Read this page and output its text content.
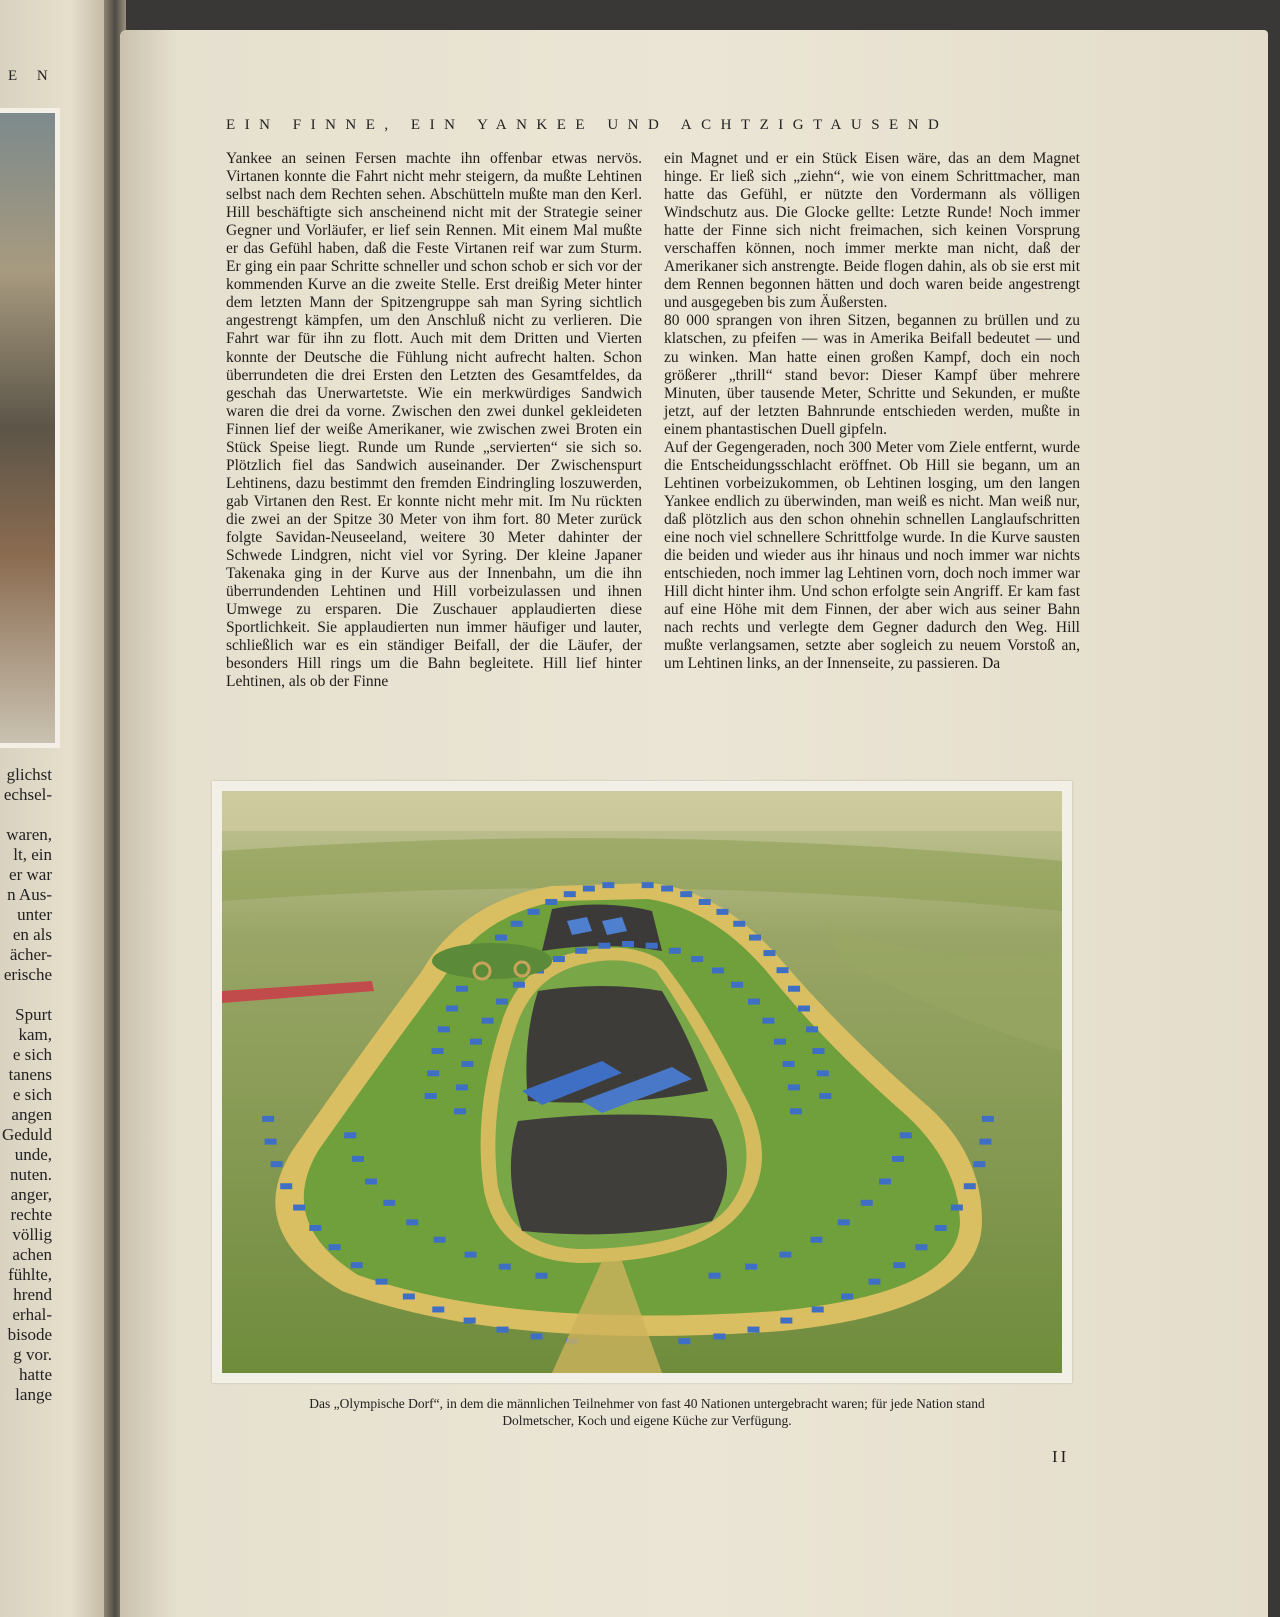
E N
glichst
echsel-
waren,
lt, ein
er war
n Aus-
unter
en als
ächer-
erische
Spurt
kam,
e sich
tanens
e sich
angen
Geduld
unde,
nuten.
anger,
rechte
völlig
achen
fühlte,
hrend
erhal-
bisode
g vor.
hatte
lange
EIN FINNE, EIN YANKEE UND ACHTZIGTAUSEND

Yankee an seinen Fersen machte ihn offenbar etwas nervös. Virtanen konnte die Fahrt nicht mehr steigern, da mußte Lehtinen selbst nach dem Rechten sehen. Abschütteln mußte man den Kerl. Hill beschäftigte sich anscheinend nicht mit der Strategie seiner Gegner und Vorläufer, er lief sein Rennen. Mit einem Mal mußte er das Gefühl haben, daß die Feste Virtanen reif war zum Sturm. Er ging ein paar Schritte schneller und schon schob er sich vor der kommenden Kurve an die zweite Stelle. Erst dreißig Meter hinter dem letzten Mann der Spitzengruppe sah man Syring sichtlich angestrengt kämpfen, um den Anschluß nicht zu verlieren. Die Fahrt war für ihn zu flott. Auch mit dem Dritten und Vierten konnte der Deutsche die Fühlung nicht aufrecht halten. Schon überrundeten die drei Ersten den Letzten des Gesamtfeldes, da geschah das Unerwartetste. Wie ein merkwürdiges Sandwich waren die drei da vorne. Zwischen den zwei dunkel gekleideten Finnen lief der weiße Amerikaner, wie zwischen zwei Broten ein Stück Speise liegt. Runde um Runde „servierten“ sie sich so. Plötzlich fiel das Sandwich auseinander. Der Zwischenspurt Lehtinens, dazu bestimmt den fremden Eindringling loszuwerden, gab Virtanen den Rest. Er konnte nicht mehr mit. Im Nu rückten die zwei an der Spitze 30 Meter von ihm fort. 80 Meter zurück folgte Savidan-Neuseeland, weitere 30 Meter dahinter der Schwede Lindgren, nicht viel vor Syring. Der kleine Japaner Takenaka ging in der Kurve aus der Innenbahn, um die ihn überrundenden Lehtinen und Hill vorbeizulassen und ihnen Umwege zu ersparen. Die Zuschauer applaudierten diese Sportlichkeit. Sie applaudierten nun immer häufiger und lauter, schließlich war es ein ständiger Beifall, der die Läufer, der besonders Hill rings um die Bahn begleitete. Hill lief hinter Lehtinen, als ob der Finne

ein Magnet und er ein Stück Eisen wäre, das an dem Magnet hinge. Er ließ sich „ziehn“, wie von einem Schrittmacher, man hatte das Gefühl, er nützte den Vordermann als völligen Windschutz aus. Die Glocke gellte: Letzte Runde! Noch immer hatte der Finne sich nicht freimachen, sich keinen Vorsprung verschaffen können, noch immer merkte man nicht, daß der Amerikaner sich anstrengte. Beide flogen dahin, als ob sie erst mit dem Rennen begonnen hätten und doch waren beide angestrengt und ausgegeben bis zum Äußersten.

80 000 sprangen von ihren Sitzen, begannen zu brüllen und zu klatschen, zu pfeifen — was in Amerika Beifall bedeutet — und zu winken. Man hatte einen großen Kampf, doch ein noch größerer „thrill“ stand bevor: Dieser Kampf über mehrere Minuten, über tausende Meter, Schritte und Sekunden, er mußte jetzt, auf der letzten Bahnrunde entschieden werden, mußte in einem phantastischen Duell gipfeln.

Auf der Gegengeraden, noch 300 Meter vom Ziele entfernt, wurde die Entscheidungsschlacht eröffnet. Ob Hill sie begann, um an Lehtinen vorbeizukommen, ob Lehtinen losging, um den langen Yankee endlich zu überwinden, man weiß es nicht. Man weiß nur, daß plötzlich aus den schon ohnehin schnellen Langlaufschritten eine noch viel schnellere Schrittfolge wurde. In die Kurve sausten die beiden und wieder aus ihr hinaus und noch immer war nichts entschieden, noch immer lag Lehtinen vorn, doch noch immer war Hill dicht hinter ihm. Und schon erfolgte sein Angriff. Er kam fast auf eine Höhe mit dem Finnen, der aber wich aus seiner Bahn nach rechts und verlegte dem Gegner dadurch den Weg. Hill mußte verlangsamen, setzte aber sogleich zu neuem Vorstoß an, um Lehtinen links, an der Innenseite, zu passieren. Da

Das „Olympische Dorf“, in dem die männlichen Teilnehmer von fast 40 Nationen untergebracht waren; für jede Nation stand
Dolmetscher, Koch und eigene Küche zur Verfügung.
II
